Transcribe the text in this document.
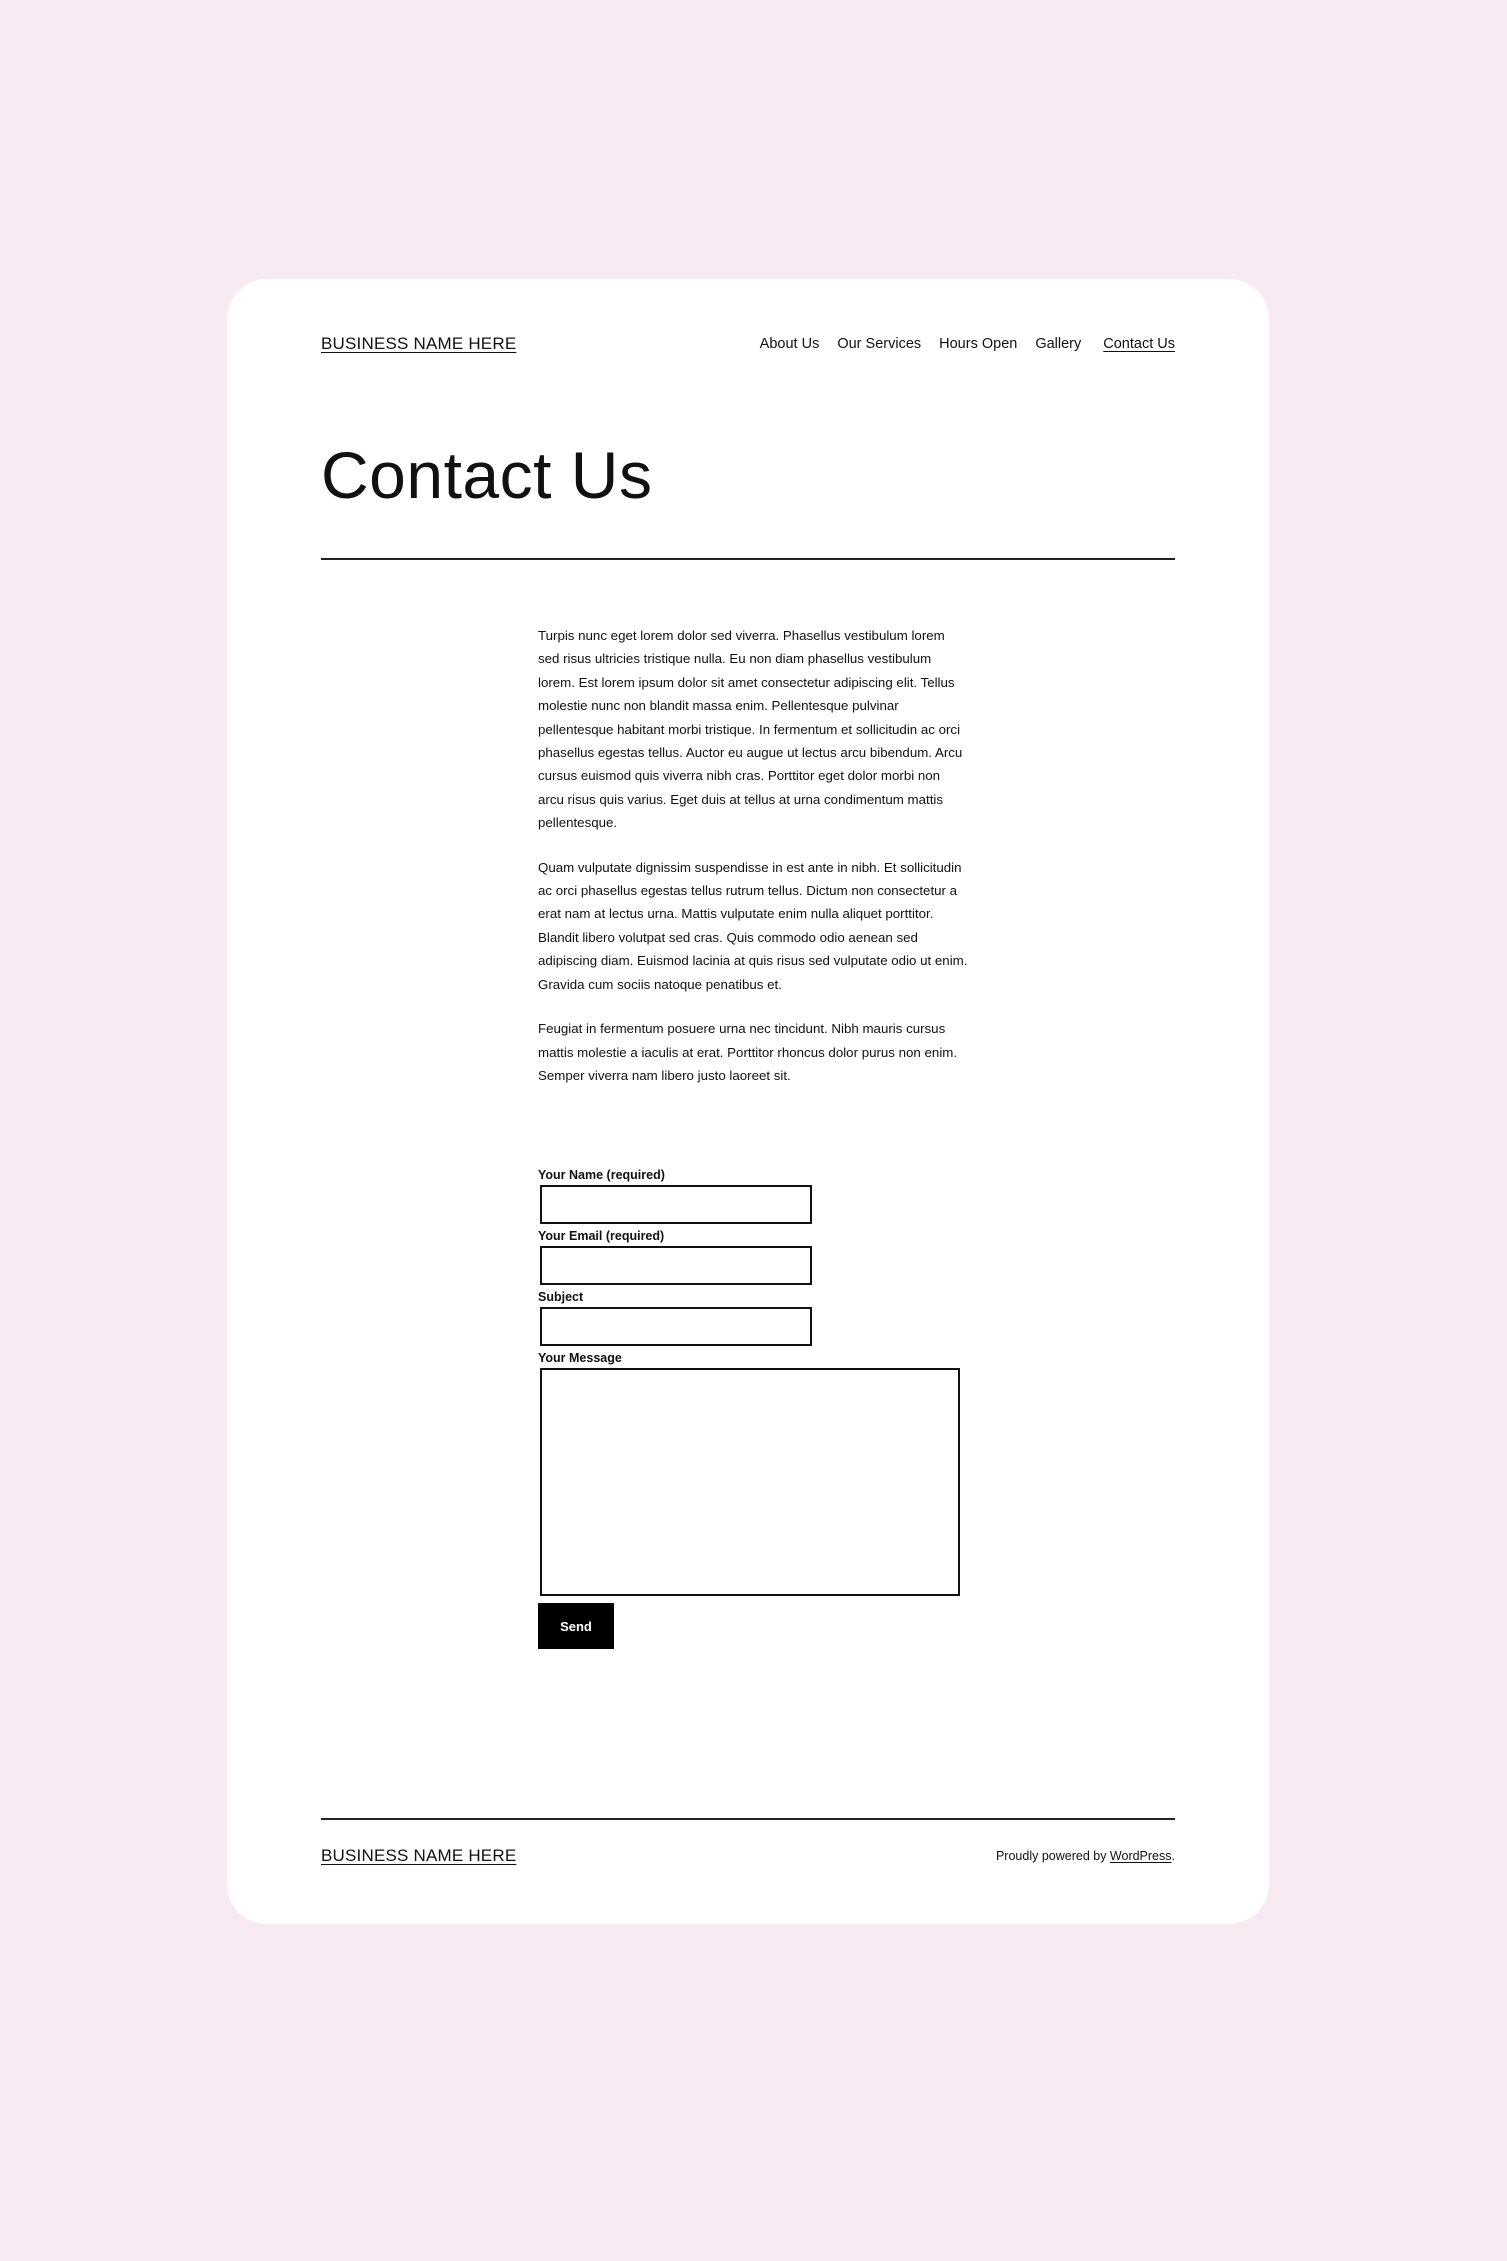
BUSINESS NAME HERE	About Us Our Services Hours Open Gallery Contact Us
Contact Us

Turpis nunc eget lorem dolor sed viverra. Phasellus vestibulum lorem sed risus ultricies tristique nulla. Eu non diam phasellus vestibulum lorem. Est lorem ipsum dolor sit amet consectetur adipiscing elit. Tellus molestie nunc non blandit massa enim. Pellentesque pulvinar pellentesque habitant morbi tristique. In fermentum et sollicitudin ac orci phasellus egestas tellus. Auctor eu augue ut lectus arcu bibendum. Arcu cursus euismod quis viverra nibh cras. Porttitor eget dolor morbi non arcu risus quis varius. Eget duis at tellus at urna condimentum mattis pellentesque.

Quam vulputate dignissim suspendisse in est ante in nibh. Et sollicitudin ac orci phasellus egestas tellus rutrum tellus. Dictum non consectetur a erat nam at lectus urna. Mattis vulputate enim nulla aliquet porttitor. Blandit libero volutpat sed cras. Quis commodo odio aenean sed adipiscing diam. Euismod lacinia at quis risus sed vulputate odio ut enim. Gravida cum sociis natoque penatibus et.

Feugiat in fermentum posuere urna nec tincidunt. Nibh mauris cursus mattis molestie a iaculis at erat. Porttitor rhoncus dolor purus non enim. Semper viverra nam libero justo laoreet sit.

Your Name (required)
Your Email (required)
Subject
Your Message
Send
BUSINESS NAME HERE	Proudly powered by WordPress.
